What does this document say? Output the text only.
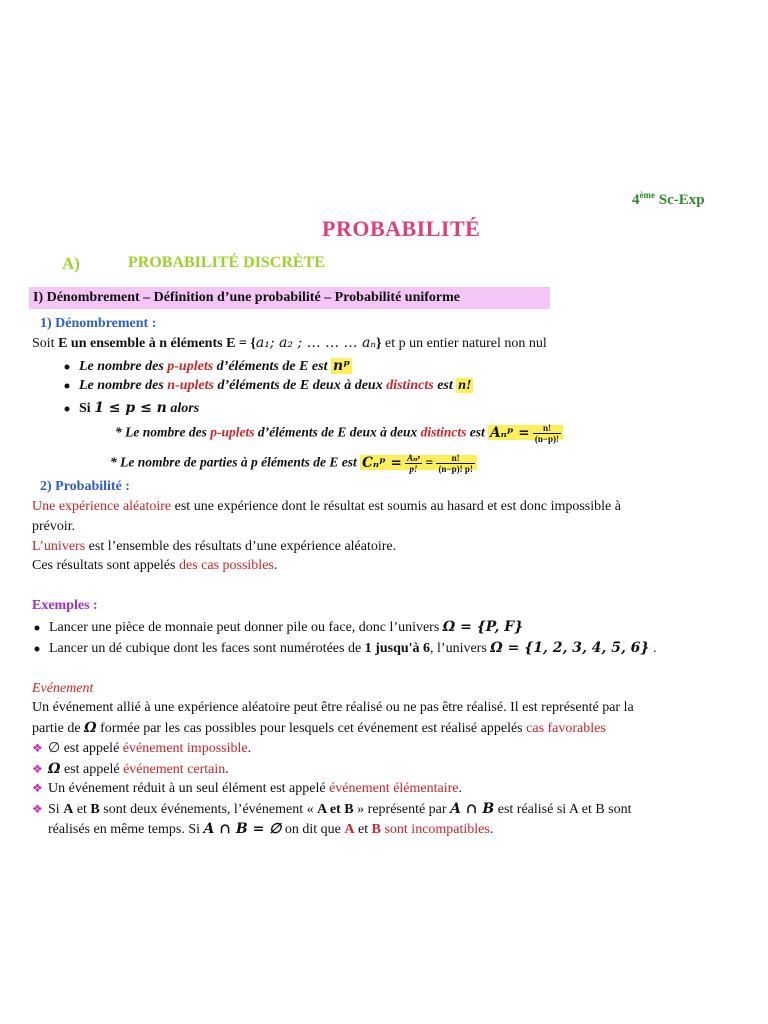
4ème Sc-Exp
PROBABILITÉ
A)	PROBABILITÉ DISCRÈTE
I) Dénombrement – Définition d’une probabilité – Probabilité uniforme
1) Dénombrement :
Soit E un ensemble à n éléments E = {a₁; a₂ ; … … … aₙ} et p un entier naturel non nul
Le nombre des p-uplets d’éléments de E est nᵖ
Le nombre des n-uplets d’éléments de E deux à deux distincts est n!
Si 1 ≤ p ≤ n alors
* Le nombre des p-uplets d’éléments de E deux à deux distincts est Aₙᵖ = $\frac{n!}{(n-p)!}$
* Le nombre de parties à p éléments de E est Cₙᵖ = $\frac{\text{Aₙᵖ}}{p!} = \frac{n!}{(n-p)! p!}$
2) Probabilité :
Une expérience aléatoire est une expérience dont le résultat est soumis au hasard et est donc impossible à
prévoir.
L’univers est l’ensemble des résultats d’une expérience aléatoire.
Ces résultats sont appelés des cas possibles.
Exemples :
Lancer une pièce de monnaie peut donner pile ou face, donc l’univers Ω = {P, F}
Lancer un dé cubique dont les faces sont numérotées de 1 jusqu'à 6, l’univers Ω = {1, 2, 3, 4, 5, 6} .
Evénement
Un événement allié à une expérience aléatoire peut être réalisé ou ne pas être réalisé. Il est représenté par la
partie de Ω formée par les cas possibles pour lesquels cet événement est réalisé appelés cas favorables
❖ ∅ est appelé événement impossible.
❖ Ω est appelé événement certain.
❖ Un événement réduit à un seul élément est appelé événement élémentaire.
❖ Si A et B sont deux événements, l’événement « A et B » représenté par A ∩ B est réalisé si A et B sont
réalisés en même temps. Si A ∩ B = ∅ on dit que A et B sont incompatibles.
